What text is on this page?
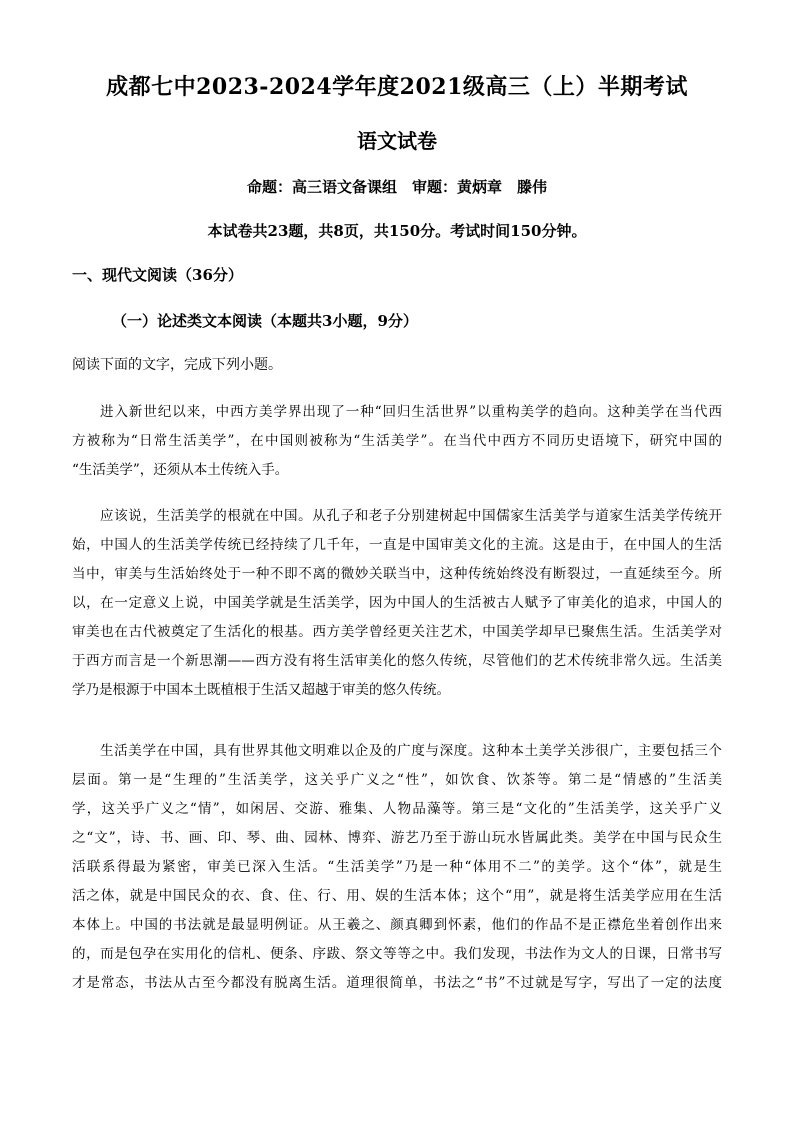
成都七中2023-2024学年度2021级高三（上）半期考试
语文试卷
命题：高三语文备课组　审题：黄炳章　滕伟
本试卷共23题，共8页，共150分。考试时间150分钟。
一、现代文阅读（36分）
（一）论述类文本阅读（本题共3小题，9分）
阅读下面的文字，完成下列小题。
进入新世纪以来，中西方美学界出现了一种“回归生活世界”以重构美学的趋向。这种美学在当代西
方被称为“日常生活美学”，在中国则被称为“生活美学”。在当代中西方不同历史语境下，研究中国的
“生活美学”，还须从本土传统入手。
应该说，生活美学的根就在中国。从孔子和老子分别建树起中国儒家生活美学与道家生活美学传统开
始，中国人的生活美学传统已经持续了几千年，一直是中国审美文化的主流。这是由于，在中国人的生活
当中，审美与生活始终处于一种不即不离的微妙关联当中，这种传统始终没有断裂过，一直延续至今。所
以，在一定意义上说，中国美学就是生活美学，因为中国人的生活被古人赋予了审美化的追求，中国人的
审美也在古代被奠定了生活化的根基。西方美学曾经更关注艺术，中国美学却早已聚焦生活。生活美学对
于西方而言是一个新思潮——西方没有将生活审美化的悠久传统，尽管他们的艺术传统非常久远。生活美
学乃是根源于中国本土既植根于生活又超越于审美的悠久传统。
生活美学在中国，具有世界其他文明难以企及的广度与深度。这种本土美学关涉很广，主要包括三个
层面。第一是“生理的”生活美学，这关乎广义之“性”，如饮食、饮茶等。第二是“情感的”生活美
学，这关乎广义之“情”，如闲居、交游、雅集、人物品藻等。第三是“文化的”生活美学，这关乎广义
之“文”，诗、书、画、印、琴、曲、园林、博弈、游艺乃至于游山玩水皆属此类。美学在中国与民众生
活联系得最为紧密，审美已深入生活。“生活美学”乃是一种“体用不二”的美学。这个“体”，就是生
活之体，就是中国民众的衣、食、住、行、用、娱的生活本体；这个“用”，就是将生活美学应用在生活
本体上。中国的书法就是最显明例证。从王羲之、颜真卿到怀素，他们的作品不是正襟危坐着创作出来
的，而是包孕在实用化的信札、便条、序跋、祭文等等之中。我们发现，书法作为文人的日课，日常书写
才是常态，书法从古至今都没有脱离生活。道理很简单，书法之“书”不过就是写字，写出了一定的法度
